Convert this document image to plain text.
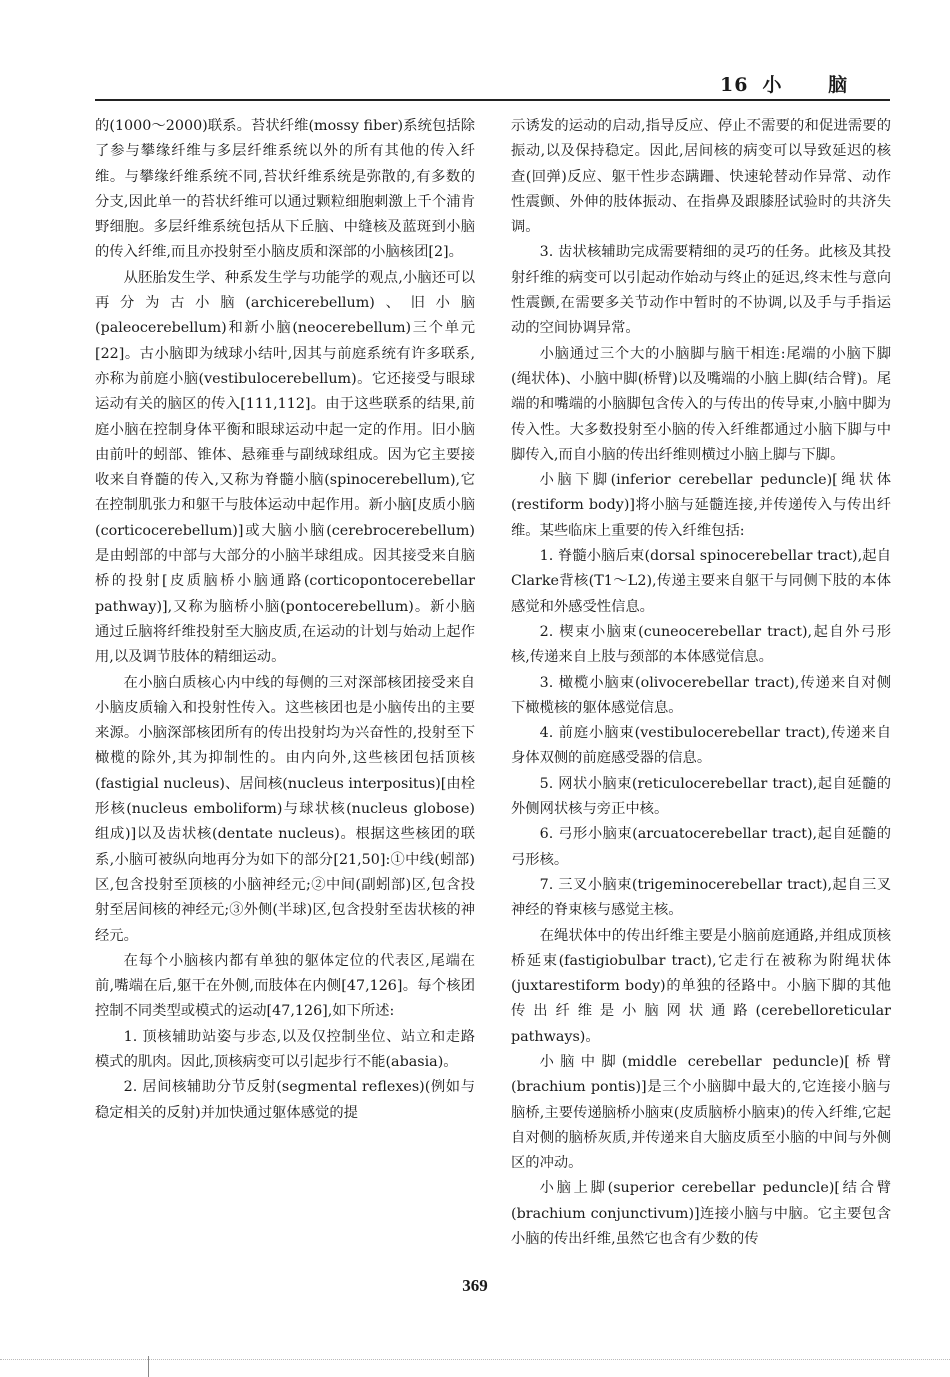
16 小 脑

的(1000～2000)联系。苔状纤维(mossy fiber)系统包括除了参与攀缘纤维与多层纤维系统以外的所有其他的传入纤维。与攀缘纤维系统不同,苔状纤维系统是弥散的,有多数的分支,因此单一的苔状纤维可以通过颗粒细胞刺激上千个浦肯野细胞。多层纤维系统包括从下丘脑、中缝核及蓝斑到小脑的传入纤维,而且亦投射至小脑皮质和深部的小脑核团[2]。

从胚胎发生学、种系发生学与功能学的观点,小脑还可以再分为古小脑(archicerebellum)、旧小脑(paleocerebellum)和新小脑(neocerebellum)三个单元[22]。古小脑即为绒球小结叶,因其与前庭系统有许多联系,亦称为前庭小脑(vestibulocerebellum)。它还接受与眼球运动有关的脑区的传入[111,112]。由于这些联系的结果,前庭小脑在控制身体平衡和眼球运动中起一定的作用。旧小脑由前叶的蚓部、锥体、悬雍垂与副绒球组成。因为它主要接收来自脊髓的传入,又称为脊髓小脑(spinocerebellum),它在控制肌张力和躯干与肢体运动中起作用。新小脑[皮质小脑(corticocerebellum)]或大脑小脑(cerebrocerebellum)是由蚓部的中部与大部分的小脑半球组成。因其接受来自脑桥的投射[皮质脑桥小脑通路(corticopontocerebellar pathway)],又称为脑桥小脑(pontocerebellum)。新小脑通过丘脑将纤维投射至大脑皮质,在运动的计划与始动上起作用,以及调节肢体的精细运动。

在小脑白质核心内中线的每侧的三对深部核团接受来自小脑皮质输入和投射性传入。这些核团也是小脑传出的主要来源。小脑深部核团所有的传出投射均为兴奋性的,投射至下橄榄的除外,其为抑制性的。由内向外,这些核团包括顶核(fastigial nucleus)、居间核(nucleus interpositus)[由栓形核(nucleus emboliform)与球状核(nucleus globose)组成)]以及齿状核(dentate nucleus)。根据这些核团的联系,小脑可被纵向地再分为如下的部分[21,50]:①中线(蚓部)区,包含投射至顶核的小脑神经元;②中间(副蚓部)区,包含投射至居间核的神经元;③外侧(半球)区,包含投射至齿状核的神经元。

在每个小脑核内都有单独的躯体定位的代表区,尾端在前,嘴端在后,躯干在外侧,而肢体在内侧[47,126]。每个核团控制不同类型或模式的运动[47,126],如下所述:

1. 顶核辅助站姿与步态,以及仅控制坐位、站立和走路模式的肌肉。因此,顶核病变可以引起步行不能(abasia)。

2. 居间核辅助分节反射(segmental reflexes)(例如与稳定相关的反射)并加快通过躯体感觉的提

示诱发的运动的启动,指导反应、停止不需要的和促进需要的振动,以及保持稳定。因此,居间核的病变可以导致延迟的核查(回弹)反应、躯干性步态蹒跚、快速轮替动作异常、动作性震颤、外伸的肢体振动、在指鼻及跟膝胫试验时的共济失调。

3. 齿状核辅助完成需要精细的灵巧的任务。此核及其投射纤维的病变可以引起动作始动与终止的延迟,终末性与意向性震颤,在需要多关节动作中暂时的不协调,以及手与手指运动的空间协调异常。

小脑通过三个大的小脑脚与脑干相连:尾端的小脑下脚(绳状体)、小脑中脚(桥臂)以及嘴端的小脑上脚(结合臂)。尾端的和嘴端的小脑脚包含传入的与传出的传导束,小脑中脚为传入性。大多数投射至小脑的传入纤维都通过小脑下脚与中脚传入,而自小脑的传出纤维则横过小脑上脚与下脚。

小脑下脚(inferior cerebellar peduncle)[绳状体(restiform body)]将小脑与延髓连接,并传递传入与传出纤维。某些临床上重要的传入纤维包括:

1. 脊髓小脑后束(dorsal spinocerebellar tract),起自Clarke背核(T1～L2),传递主要来自躯干与同侧下肢的本体感觉和外感受性信息。

2. 楔束小脑束(cuneocerebellar tract),起自外弓形核,传递来自上肢与颈部的本体感觉信息。

3. 橄榄小脑束(olivocerebellar tract),传递来自对侧下橄榄核的躯体感觉信息。

4. 前庭小脑束(vestibulocerebellar tract),传递来自身体双侧的前庭感受器的信息。

5. 网状小脑束(reticulocerebellar tract),起自延髓的外侧网状核与旁正中核。

6. 弓形小脑束(arcuatocerebellar tract),起自延髓的弓形核。

7. 三叉小脑束(trigeminocerebellar tract),起自三叉神经的脊束核与感觉主核。

在绳状体中的传出纤维主要是小脑前庭通路,并组成顶核桥延束(fastigiobulbar tract),它走行在被称为附绳状体(juxtarestiform body)的单独的径路中。小脑下脚的其他传出纤维是小脑网状通路(cerebelloreticular pathways)。

小脑中脚(middle cerebellar peduncle)[桥臂(brachium pontis)]是三个小脑脚中最大的,它连接小脑与脑桥,主要传递脑桥小脑束(皮质脑桥小脑束)的传入纤维,它起自对侧的脑桥灰质,并传递来自大脑皮质至小脑的中间与外侧区的冲动。

小脑上脚(superior cerebellar peduncle)[结合臂(brachium conjunctivum)]连接小脑与中脑。它主要包含小脑的传出纤维,虽然它也含有少数的传

369
